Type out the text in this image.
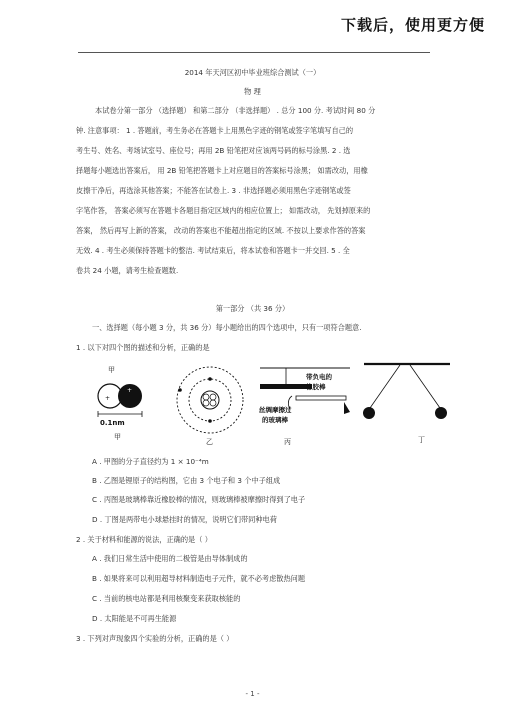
下载后，使用更方便
2014 年天河区初中毕业班综合测试（一）
物 理
本试卷分第一部分 （选择题） 和第二部分 （非选择题） . 总分 100 分. 考试时间 80 分
钟. 注意事项： 1 . 答题前，考生务必在答题卡上用黑色字迹的钢笔或签字笔填写自己的
考生号、姓名、考场试室号、座位号；再用 2B 铅笔把对应该两号码的标号涂黑. 2 . 选
择题每小题选出答案后， 用 2B 铅笔把答题卡上对应题目的答案标号涂黑； 如需改动，用橡
皮擦干净后，再选涂其他答案；不能答在试卷上. 3 . 非选择题必须用黑色字迹钢笔或签
字笔作答， 答案必须写在答题卡各题目指定区域内的相应位置上； 如需改动， 先划掉原来的
答案， 然后再写上新的答案， 改动的答案也不能超出指定的区域. 不按以上要求作答的答案
无效. 4 . 考生必须保持答题卡的整洁. 考试结束后，将本试卷和答题卡一并交回. 5 . 全
卷共 24 小题，请考生检查题数.
第一部分 （共 36 分）
一、选择题（每小题 3 分，共 36 分）每小题给出的四个选项中，只有一项符合题意.
1 . 以下对四个图的描述和分析，正确的是
甲
+
+
0.1nm
甲
乙
带负电的
橡胶棒
丝绸摩擦过
的玻璃棒
丙	丁
A . 甲图的分子直径约为 1 × 10⁻⁴m
B . 乙图是锂原子的结构图，它由 3 个电子和 3 个中子组成
C . 丙图是玻璃棒靠近橡胶棒的情况，则玻璃棒被摩擦时得到了电子
D . 丁图是两带电小球悬挂时的情况，说明它们带同种电荷
2 . 关于材料和能源的说法，正确的是（ ）
A . 我们日常生活中使用的二极管是由导体制成的
B . 如果将来可以利用超导材料制造电子元件，就不必考虑散热问题
C . 当前的核电站都是利用核聚变来获取核能的
D . 太阳能是不可再生能源
3 . 下列对声现象四个实验的分析，正确的是（ ）
- 1 -
